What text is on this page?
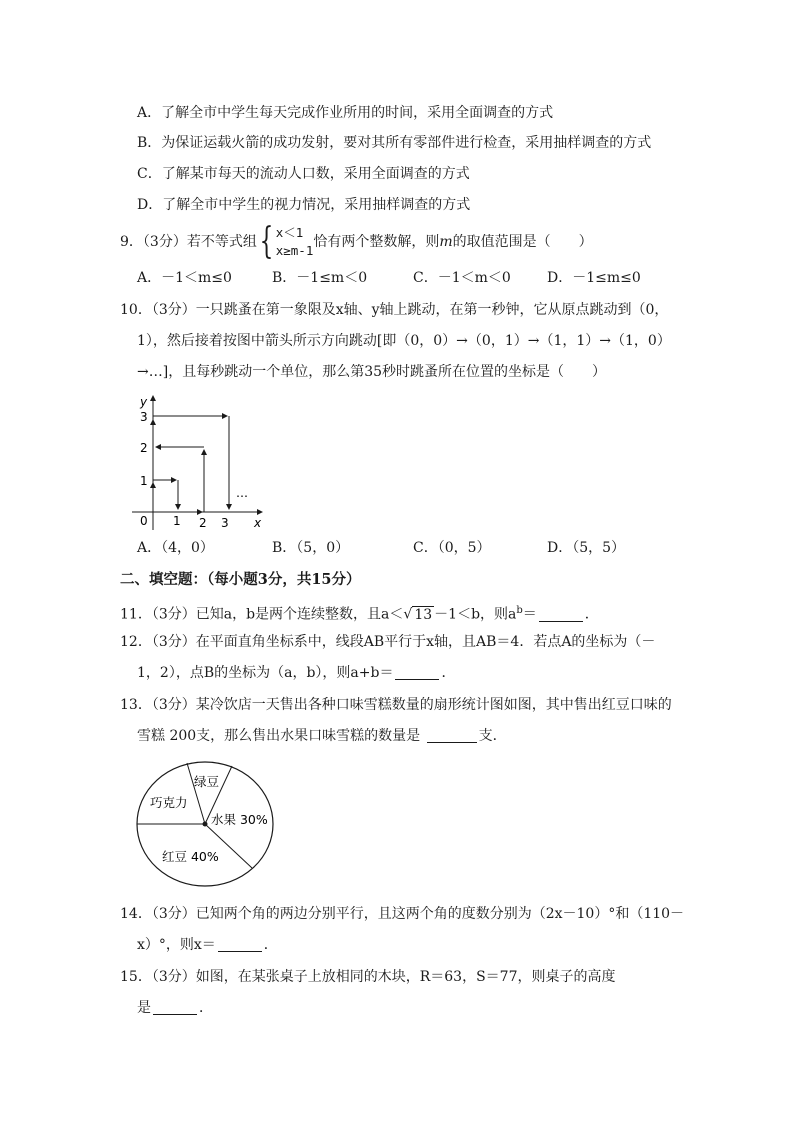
A．了解全市中学生每天完成作业所用的时间，采用全面调查的方式
B．为保证运载火箭的成功发射，要对其所有零部件进行检查，采用抽样调查的方式
C．了解某市每天的流动人口数，采用全面调查的方式
D．了解全市中学生的视力情况，采用抽样调查的方式
9．（3分）若不等式组{ x＜1
x≥m-1
恰有两个整数解，则m的取值范围是（　　）
A．－1＜m≤0	B．－1≤m＜0	C．－1＜m＜0	D．－1≤m≤0
10．（3分）一只跳蚤在第一象限及x轴、y轴上跳动，在第一秒钟，它从原点跳动到（0，
1），然后接着按图中箭头所示方向跳动[即（0，0）→（0，1）→（1，1）→（1，0）
→…]，且每秒跳动一个单位，那么第35秒时跳蚤所在位置的坐标是（　　）
y
x
0
1
2
3
1 2 3
…
A．（4，0）	B．（5，0）	C．（0，5）	D．（5，5）
二、填空题：（每小题3分，共15分）
11．（3分）已知a，b是两个连续整数，且a＜√ 13 －1＜b，则$a^b=$	．
12．（3分）在平面直角坐标系中，线段AB平行于x轴，且AB＝4．若点A的坐标为（－
1，2），点B的坐标为（a，b），则a+b＝	．
13．（3分）某冷饮店一天售出各种口味雪糕数量的扇形统计图如图，其中售出红豆口味的
雪糕 200支，那么售出水果口味雪糕的数量是	支．
绿豆
巧克力
水果 30%
红豆 40%
14．（3分）已知两个角的两边分别平行，且这两个角的度数分别为（2x－10）°和（110－
x）°，则x＝	．
15．（3分）如图，在某张桌子上放相同的木块，R＝63，S＝77，则桌子的高度
是	．
